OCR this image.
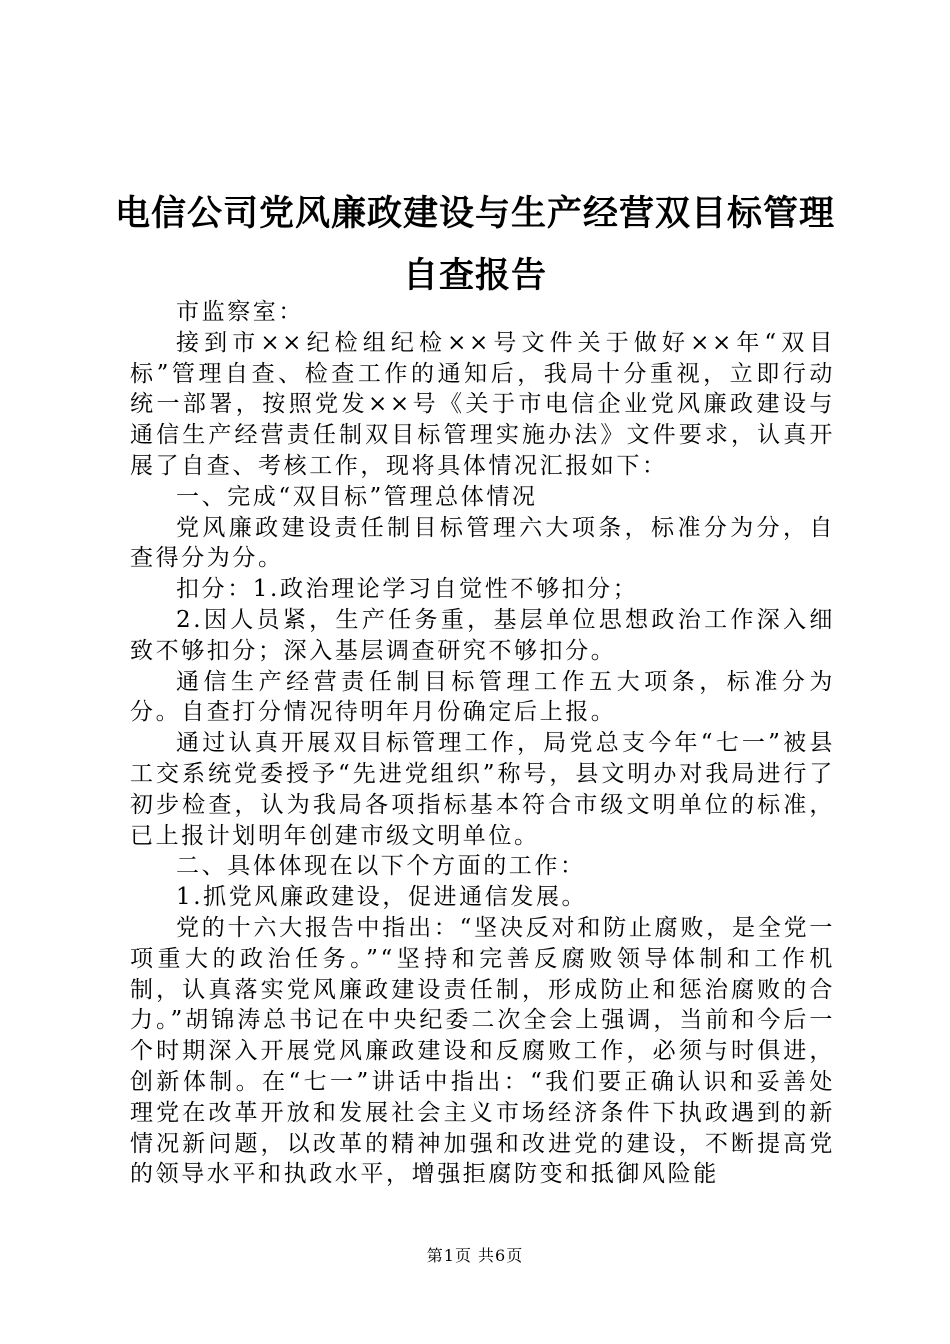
电信公司党风廉政建设与生产经营双目标管理
自查报告

市监察室：

接到市××纪检组纪检××号文件关于做好××年“双目标”管理自查、检查工作的通知后，我局十分重视，立即行动统一部署，按照党发××号《关于市电信企业党风廉政建设与通信生产经营责任制双目标管理实施办法》文件要求，认真开展了自查、考核工作，现将具体情况汇报如下：

一、完成“双目标”管理总体情况

党风廉政建设责任制目标管理六大项条，标准分为分，自查得分为分。

扣分：1.政治理论学习自觉性不够扣分；

2.因人员紧，生产任务重，基层单位思想政治工作深入细致不够扣分；深入基层调查研究不够扣分。

通信生产经营责任制目标管理工作五大项条，标准分为分。自查打分情况待明年月份确定后上报。

通过认真开展双目标管理工作，局党总支今年“七一”被县工交系统党委授予“先进党组织”称号，县文明办对我局进行了初步检查，认为我局各项指标基本符合市级文明单位的标准，已上报计划明年创建市级文明单位。

二、具体体现在以下个方面的工作：

1.抓党风廉政建设，促进通信发展。

党的十六大报告中指出：“坚决反对和防止腐败，是全党一项重大的政治任务。”“坚持和完善反腐败领导体制和工作机制，认真落实党风廉政建设责任制，形成防止和惩治腐败的合力。”胡锦涛总书记在中央纪委二次全会上强调，当前和今后一个时期深入开展党风廉政建设和反腐败工作，必须与时俱进，创新体制。在“七一”讲话中指出：“我们要正确认识和妥善处理党在改革开放和发展社会主义市场经济条件下执政遇到的新情况新问题，以改革的精神加强和改进党的建设，不断提高党的领导水平和执政水平，增强拒腐防变和抵御风险能

第1页 共6页
